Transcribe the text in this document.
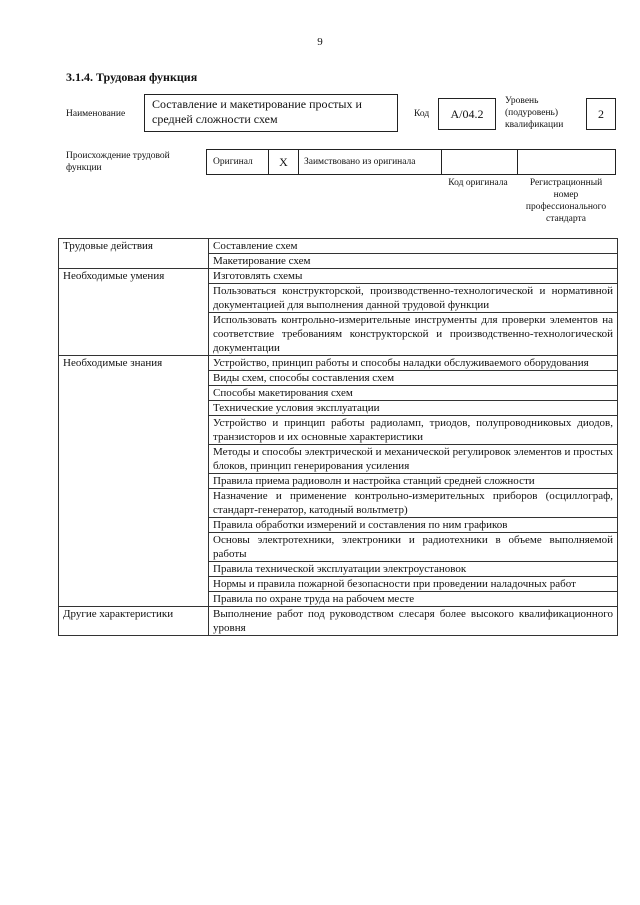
9
3.1.4. Трудовая функция
Наименование
Составление и макетирование простых и средней сложности схем	Код	А/04.2
Уровень (подуровень) квалификации
2
Происхождение трудовой функции
Оригинал	X	Заимствовано из оригинала
Код оригинала	Регистрационный номер профессионального стандарта
Трудовые действия	Составление схем
	Макетирование схем
Необходимые умения	Изготовлять схемы
	Пользоваться конструкторской, производственно-технологической и нормативной документацией для выполнения данной трудовой функции
	Использовать контрольно-измерительные инструменты для проверки элементов на соответствие требованиям конструкторской и производственно-технологической документации
Необходимые знания	Устройство, принцип работы и способы наладки обслуживаемого оборудования
	Виды схем, способы составления схем
	Способы макетирования схем
	Технические условия эксплуатации
	Устройство и принцип работы радиоламп, триодов, полупроводниковых диодов, транзисторов и их основные характеристики
	Методы и способы электрической и механической регулировок элементов и простых блоков, принцип генерирования усиления
	Правила приема радиоволн и настройка станций средней сложности
	Назначение и применение контрольно-измерительных приборов (осциллограф, стандарт-генератор, катодный вольтметр)
	Правила обработки измерений и составления по ним графиков
	Основы электротехники, электроники и радиотехники в объеме выполняемой работы
	Правила технической эксплуатации электроустановок
	Нормы и правила пожарной безопасности при проведении наладочных работ
	Правила по охране труда на рабочем месте
Другие характеристики	Выполнение работ под руководством слесаря более высокого квалификационного уровня
